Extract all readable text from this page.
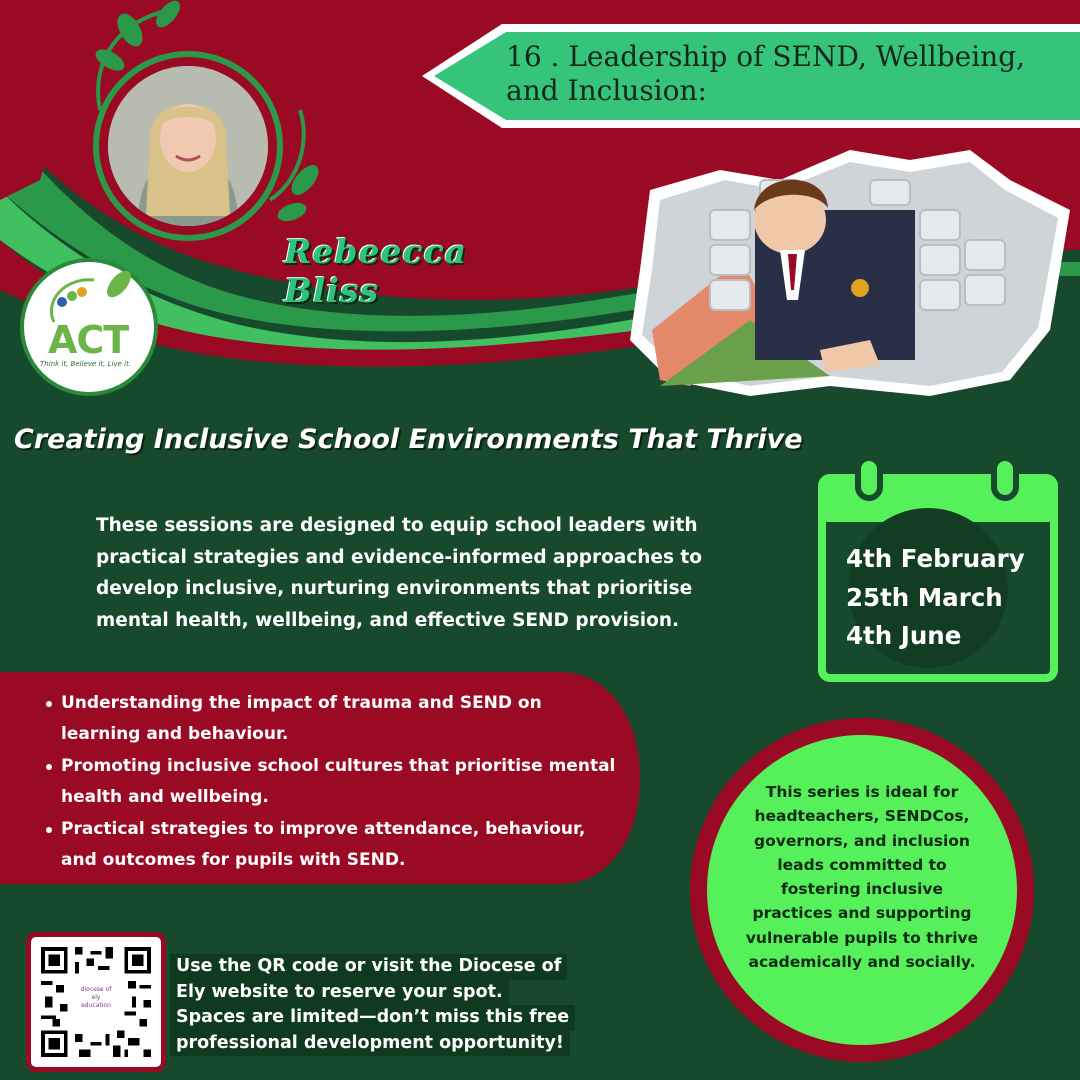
16 . Leadership of SEND, Wellbeing, and Inclusion:
Rebeecca Bliss
ACT
Think it, Believe it, Live it.
Creating Inclusive School Environments That Thrive
These sessions are designed to equip school leaders with practical strategies and evidence-informed approaches to develop inclusive, nurturing environments that prioritise mental health, wellbeing, and effective SEND provision.
4th February
25th March
4th June
Understanding the impact of trauma and SEND on learning and behaviour.
Promoting inclusive school cultures that prioritise mental health and wellbeing.
Practical strategies to improve attendance, behaviour, and outcomes for pupils with SEND.
This series is ideal for headteachers, SENDCos, governors, and inclusion leads committed to fostering inclusive practices and supporting vulnerable pupils to thrive academically and socially.
diocese of ely education
Use the QR code or visit the Diocese of
Ely website to reserve your spot.
Spaces are limited—don’t miss this free
professional development opportunity!
